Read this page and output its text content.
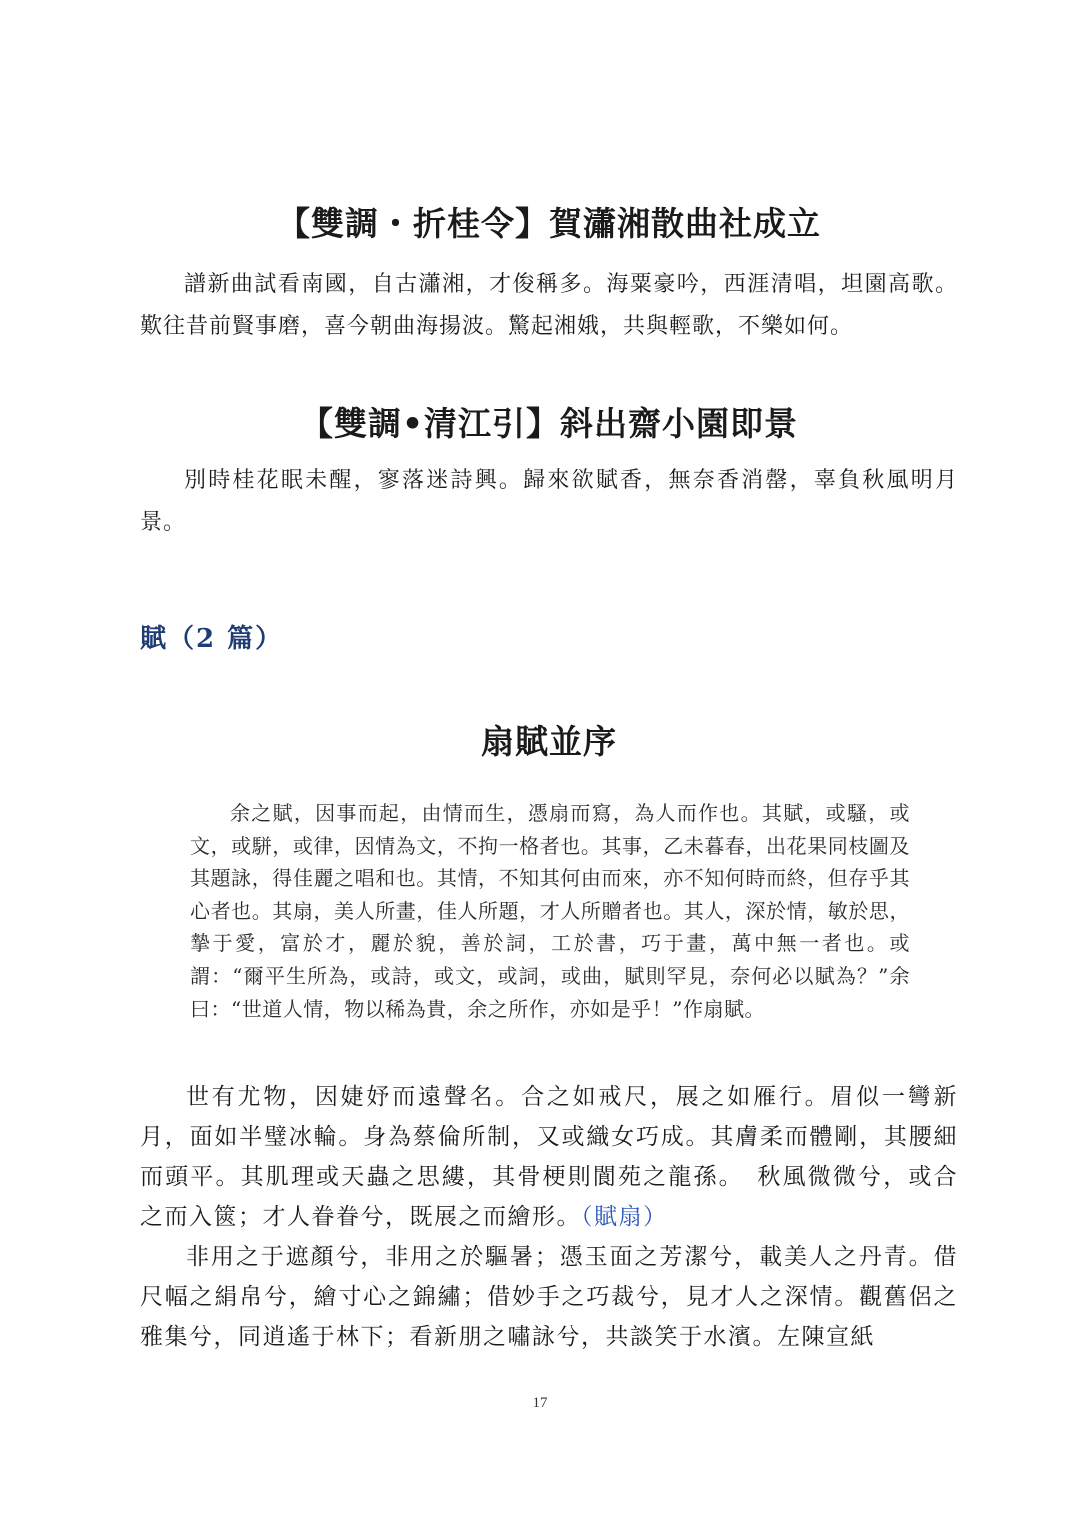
【雙調・折桂令】賀瀟湘散曲社成立

譜新曲試看南國，自古瀟湘，才俊稱多。海粟豪吟，西涯清唱，坦園高歌。歎往昔前賢事磨，喜今朝曲海揚波。驚起湘娥，共與輕歌，不樂如何。

【雙調•清江引】斜出齋小園即景

別時桂花眠未醒，寥落迷詩興。歸來欲賦香，無奈香消罄，辜負秋風明月景。

賦（2 篇）
扇賦並序

余之賦，因事而起，由情而生，憑扇而寫，為人而作也。其賦，或騷，或文，或駢，或律，因情為文，不拘一格者也。其事，乙未暮春，出花果同枝圖及其題詠，得佳麗之唱和也。其情，不知其何由而來，亦不知何時而終，但存乎其心者也。其扇，美人所畫，佳人所題，才人所贈者也。其人，深於情，敏於思，摯于愛，富於才，麗於貌，善於詞，工於書，巧于畫，萬中無一者也。或謂：“爾平生所為，或詩，或文，或詞，或曲，賦則罕見，奈何必以賦為？”余曰：“世道人情，物以稀為貴，余之所作，亦如是乎！”作扇賦。

世有尤物，因婕妤而遠聲名。合之如戒尺，展之如雁行。眉似一彎新月，面如半璧冰輪。身為蔡倫所制，又或織女巧成。其膚柔而體剛，其腰細而頭平。其肌理或天蟲之思縷，其骨梗則閬苑之龍孫。　秋風微微兮，或合之而入篋；才人眷眷兮，既展之而繪形。（賦扇）

非用之于遮顏兮，非用之於驅暑；憑玉面之芳潔兮，載美人之丹青。借尺幅之絹帛兮，繪寸心之錦繡；借妙手之巧裁兮，見才人之深情。觀舊侶之雅集兮，同逍遙于林下；看新朋之嘯詠兮，共談笑于水濱。左陳宣紙

17
